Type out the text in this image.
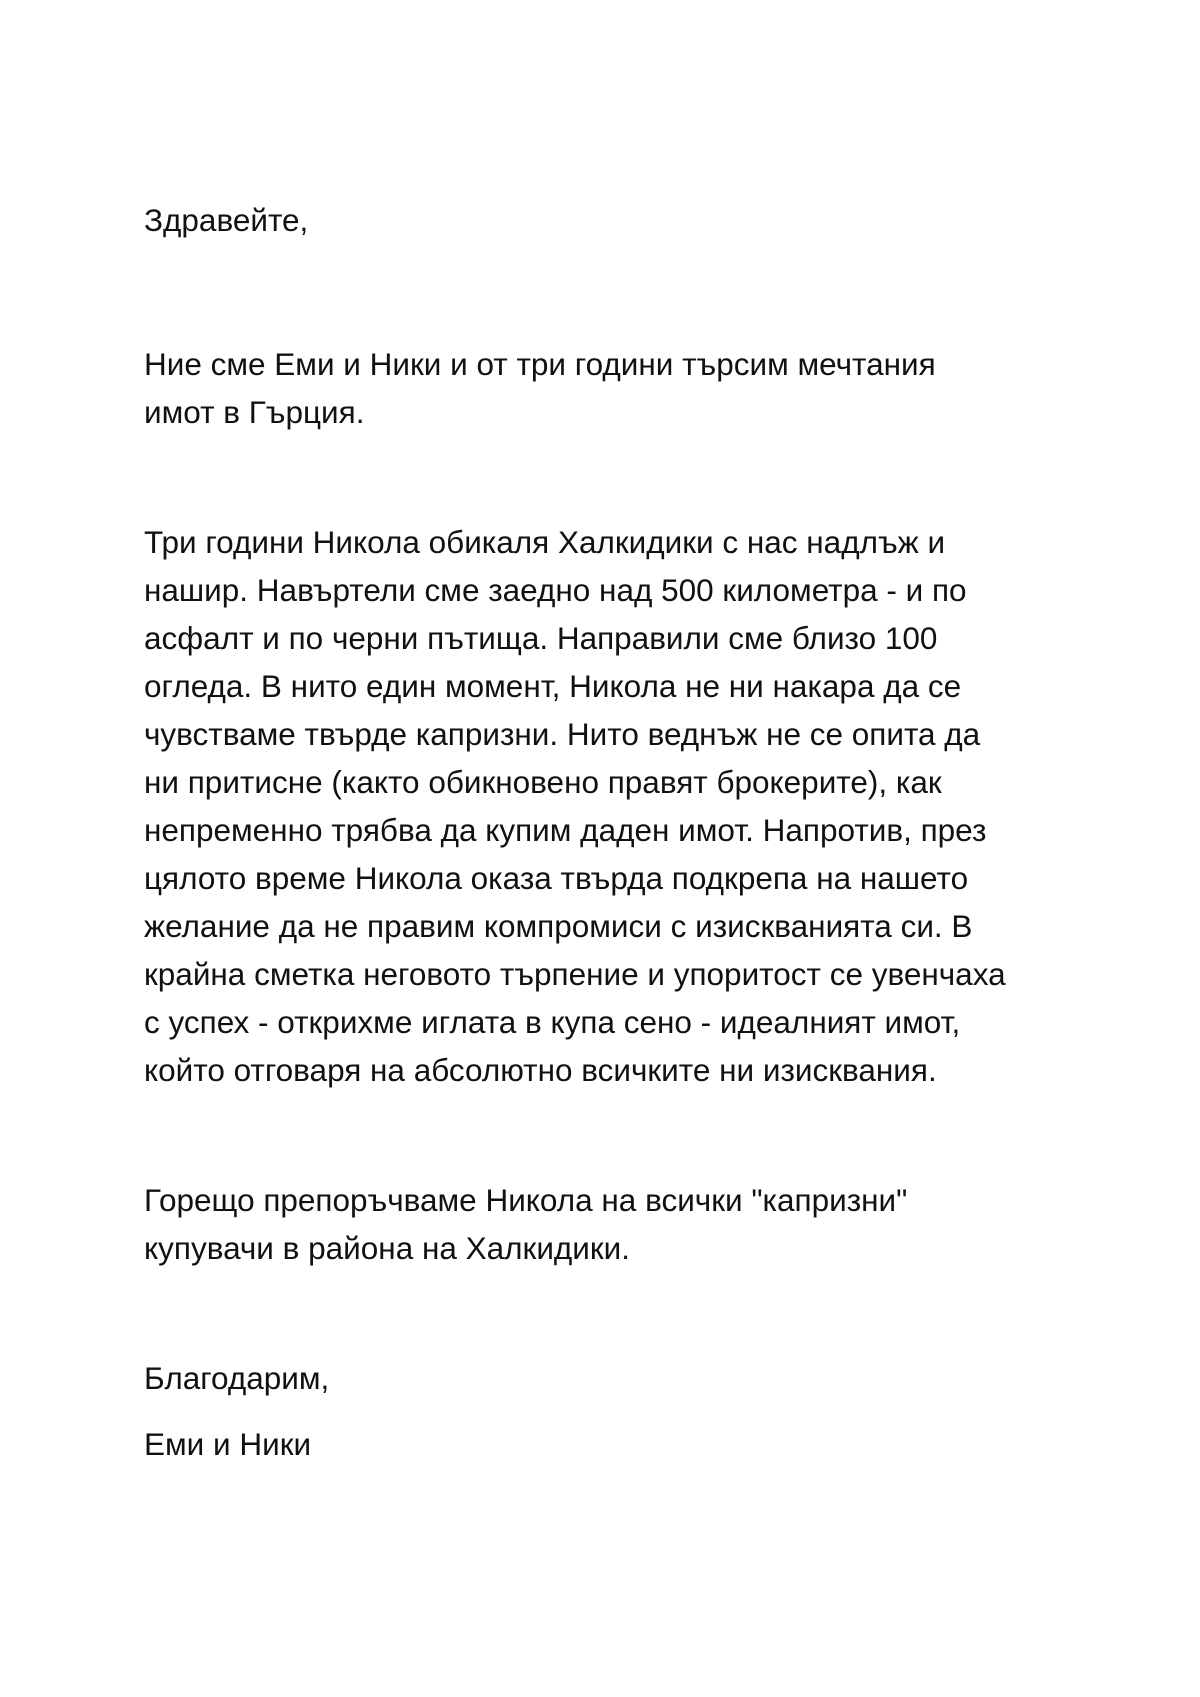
Здравейте,

Ние сме Еми и Ники и от три години търсим мечтания
имот в Гърция.

Три години Никола обикаля Халкидики с нас надлъж и
нашир. Навъртели сме заедно над 500 километра - и по
асфалт и по черни пътища. Направили сме близо 100
огледа. В нито един момент, Никола не ни накара да се
чувстваме твърде капризни. Нито веднъж не се опита да
ни притисне (както обикновено правят брокерите), как
непременно трябва да купим даден имот. Напротив, през
цялото време Никола оказа твърда подкрепа на нашето
желание да не правим компромиси с изискванията си. В
крайна сметка неговото търпение и упоритост се увенчаха
с успех - открихме иглата в купа сено - идеалният имот,
който отговаря на абсолютно всичките ни изисквания.

Горещо препоръчваме Никола на всички "капризни"
купувачи в района на Халкидики.

Благодарим,

Еми и Ники
